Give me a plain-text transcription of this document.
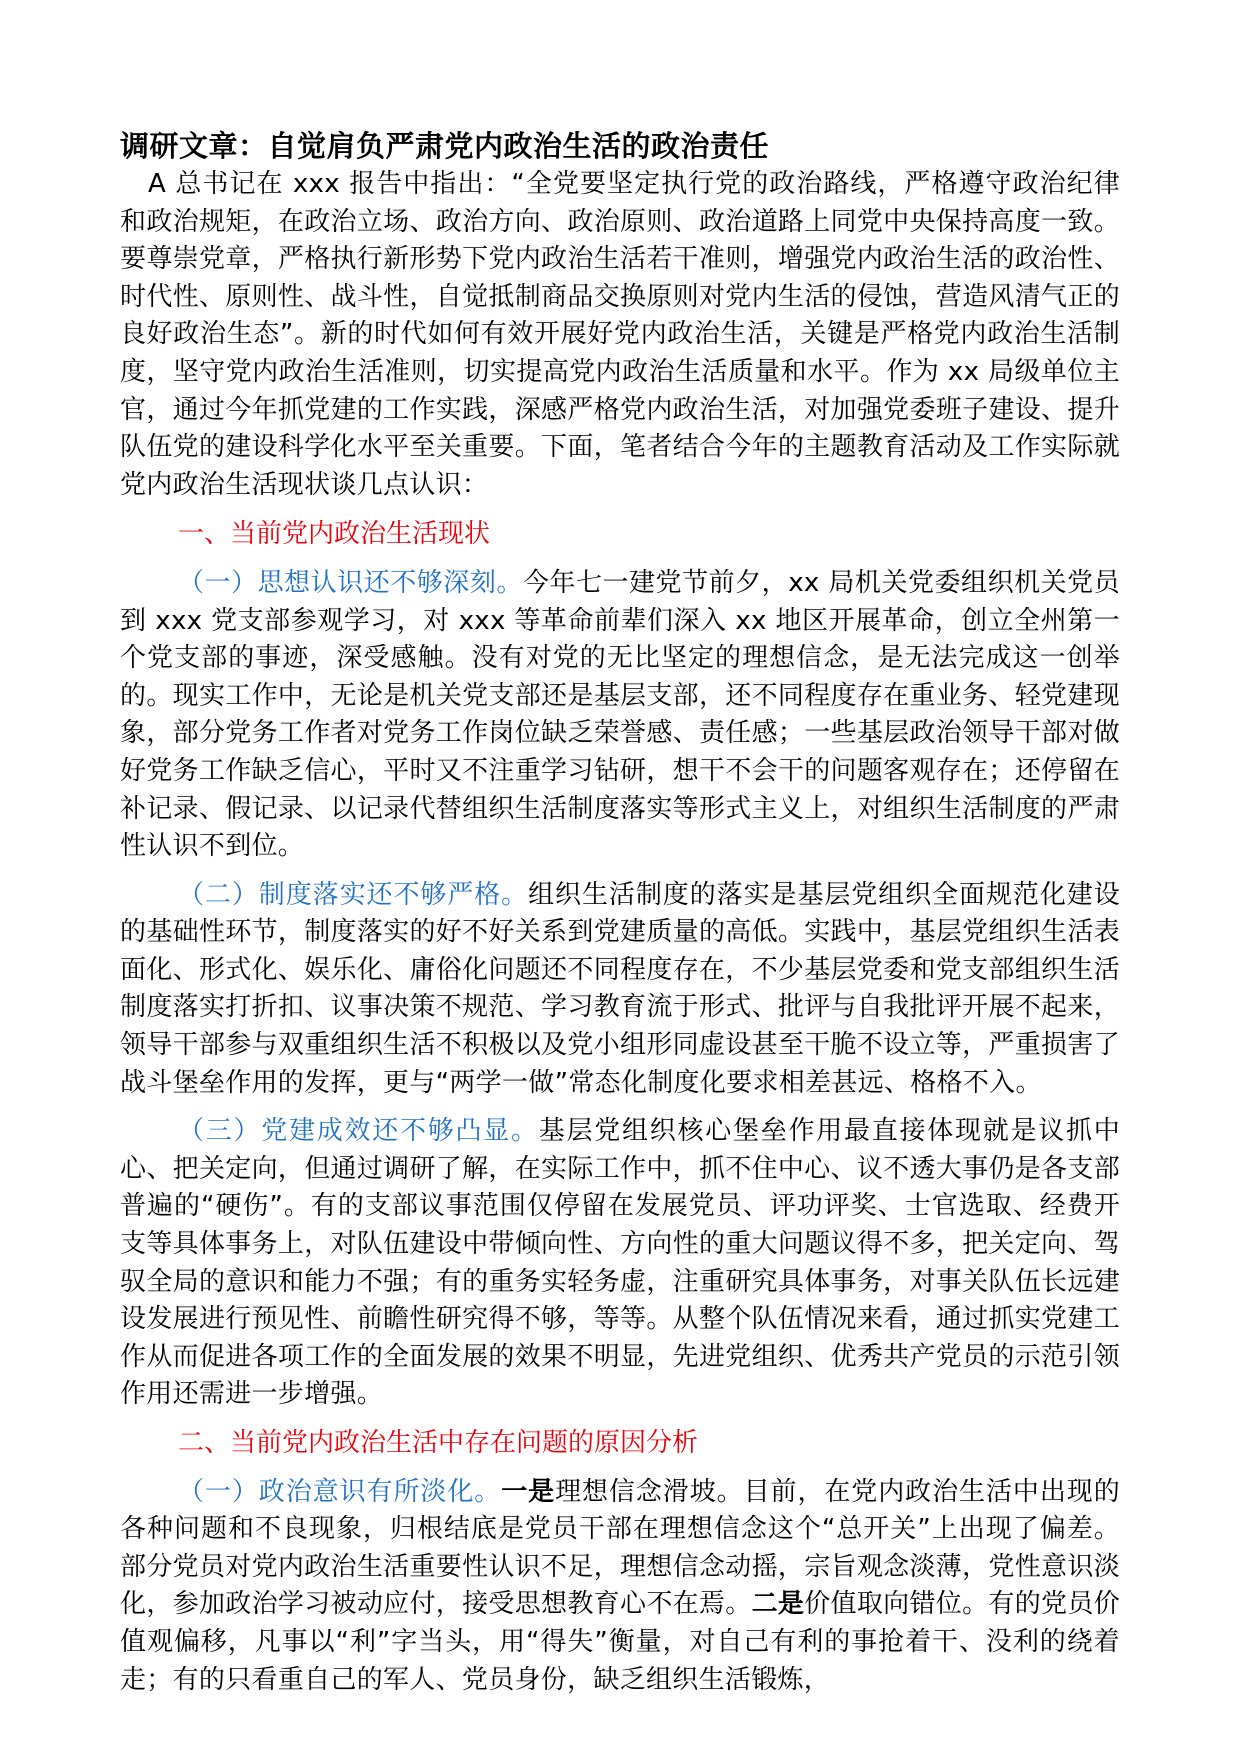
调研文章：自觉肩负严肃党内政治生活的政治责任

A 总书记在 xxx 报告中指出：“全党要坚定执行党的政治路线，严格遵守政治纪律和政治规矩，在政治立场、政治方向、政治原则、政治道路上同党中央保持高度一致。要尊崇党章，严格执行新形势下党内政治生活若干准则，增强党内政治生活的政治性、时代性、原则性、战斗性，自觉抵制商品交换原则对党内生活的侵蚀，营造风清气正的良好政治生态”。新的时代如何有效开展好党内政治生活，关键是严格党内政治生活制度，坚守党内政治生活准则，切实提高党内政治生活质量和水平。作为 xx 局级单位主官，通过今年抓党建的工作实践，深感严格党内政治生活，对加强党委班子建设、提升队伍党的建设科学化水平至关重要。下面，笔者结合今年的主题教育活动及工作实际就党内政治生活现状谈几点认识：

一、当前党内政治生活现状

（一）思想认识还不够深刻。今年七一建党节前夕，xx 局机关党委组织机关党员到 xxx 党支部参观学习，对 xxx 等革命前辈们深入 xx 地区开展革命，创立全州第一个党支部的事迹，深受感触。没有对党的无比坚定的理想信念，是无法完成这一创举的。现实工作中，无论是机关党支部还是基层支部，还不同程度存在重业务、轻党建现象，部分党务工作者对党务工作岗位缺乏荣誉感、责任感；一些基层政治领导干部对做好党务工作缺乏信心，平时又不注重学习钻研，想干不会干的问题客观存在；还停留在补记录、假记录、以记录代替组织生活制度落实等形式主义上，对组织生活制度的严肃性认识不到位。

（二）制度落实还不够严格。组织生活制度的落实是基层党组织全面规范化建设的基础性环节，制度落实的好不好关系到党建质量的高低。实践中，基层党组织生活表面化、形式化、娱乐化、庸俗化问题还不同程度存在，不少基层党委和党支部组织生活制度落实打折扣、议事决策不规范、学习教育流于形式、批评与自我批评开展不起来，领导干部参与双重组织生活不积极以及党小组形同虚设甚至干脆不设立等，严重损害了战斗堡垒作用的发挥，更与“两学一做”常态化制度化要求相差甚远、格格不入。

（三）党建成效还不够凸显。基层党组织核心堡垒作用最直接体现就是议抓中心、把关定向，但通过调研了解，在实际工作中，抓不住中心、议不透大事仍是各支部普遍的“硬伤”。有的支部议事范围仅停留在发展党员、评功评奖、士官选取、经费开支等具体事务上，对队伍建设中带倾向性、方向性的重大问题议得不多，把关定向、驾驭全局的意识和能力不强；有的重务实轻务虚，注重研究具体事务，对事关队伍长远建设发展进行预见性、前瞻性研究得不够，等等。从整个队伍情况来看，通过抓实党建工作从而促进各项工作的全面发展的效果不明显，先进党组织、优秀共产党员的示范引领作用还需进一步增强。

二、当前党内政治生活中存在问题的原因分析

（一）政治意识有所淡化。一是理想信念滑坡。目前，在党内政治生活中出现的各种问题和不良现象，归根结底是党员干部在理想信念这个“总开关”上出现了偏差。部分党员对党内政治生活重要性认识不足，理想信念动摇，宗旨观念淡薄，党性意识淡化，参加政治学习被动应付，接受思想教育心不在焉。二是价值取向错位。有的党员价值观偏移，凡事以“利”字当头，用“得失”衡量，对自己有利的事抢着干、没利的绕着走；有的只看重自己的军人、党员身份，缺乏组织生活锻炼，
